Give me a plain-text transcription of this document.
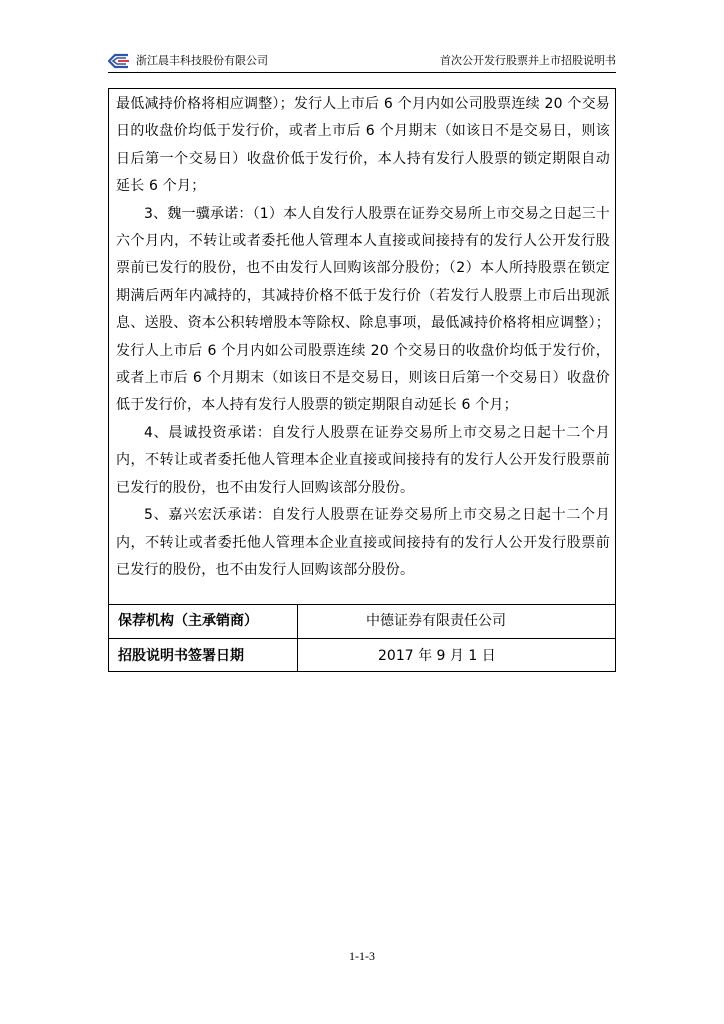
浙江晨丰科技股份有限公司	首次公开发行股票并上市招股说明书

最低减持价格将相应调整）；发行人上市后 6 个月内如公司股票连续 20 个交易日的收盘价均低于发行价，或者上市后 6 个月期末（如该日不是交易日，则该日后第一个交易日）收盘价低于发行价，本人持有发行人股票的锁定期限自动延长 6 个月；

3、魏一骥承诺：（1）本人自发行人股票在证券交易所上市交易之日起三十六个月内，不转让或者委托他人管理本人直接或间接持有的发行人公开发行股票前已发行的股份，也不由发行人回购该部分股份；（2）本人所持股票在锁定期满后两年内减持的，其减持价格不低于发行价（若发行人股票上市后出现派息、送股、资本公积转增股本等除权、除息事项，最低减持价格将相应调整）；发行人上市后 6 个月内如公司股票连续 20 个交易日的收盘价均低于发行价，或者上市后 6 个月期末（如该日不是交易日，则该日后第一个交易日）收盘价低于发行价，本人持有发行人股票的锁定期限自动延长 6 个月；

4、晨诚投资承诺：自发行人股票在证券交易所上市交易之日起十二个月内，不转让或者委托他人管理本企业直接或间接持有的发行人公开发行股票前已发行的股份，也不由发行人回购该部分股份。

5、嘉兴宏沃承诺：自发行人股票在证券交易所上市交易之日起十二个月内，不转让或者委托他人管理本企业直接或间接持有的发行人公开发行股票前已发行的股份，也不由发行人回购该部分股份。

保荐机构（主承销商）	中德证券有限责任公司
招股说明书签署日期	2017 年 9 月 1 日
1-1-3
